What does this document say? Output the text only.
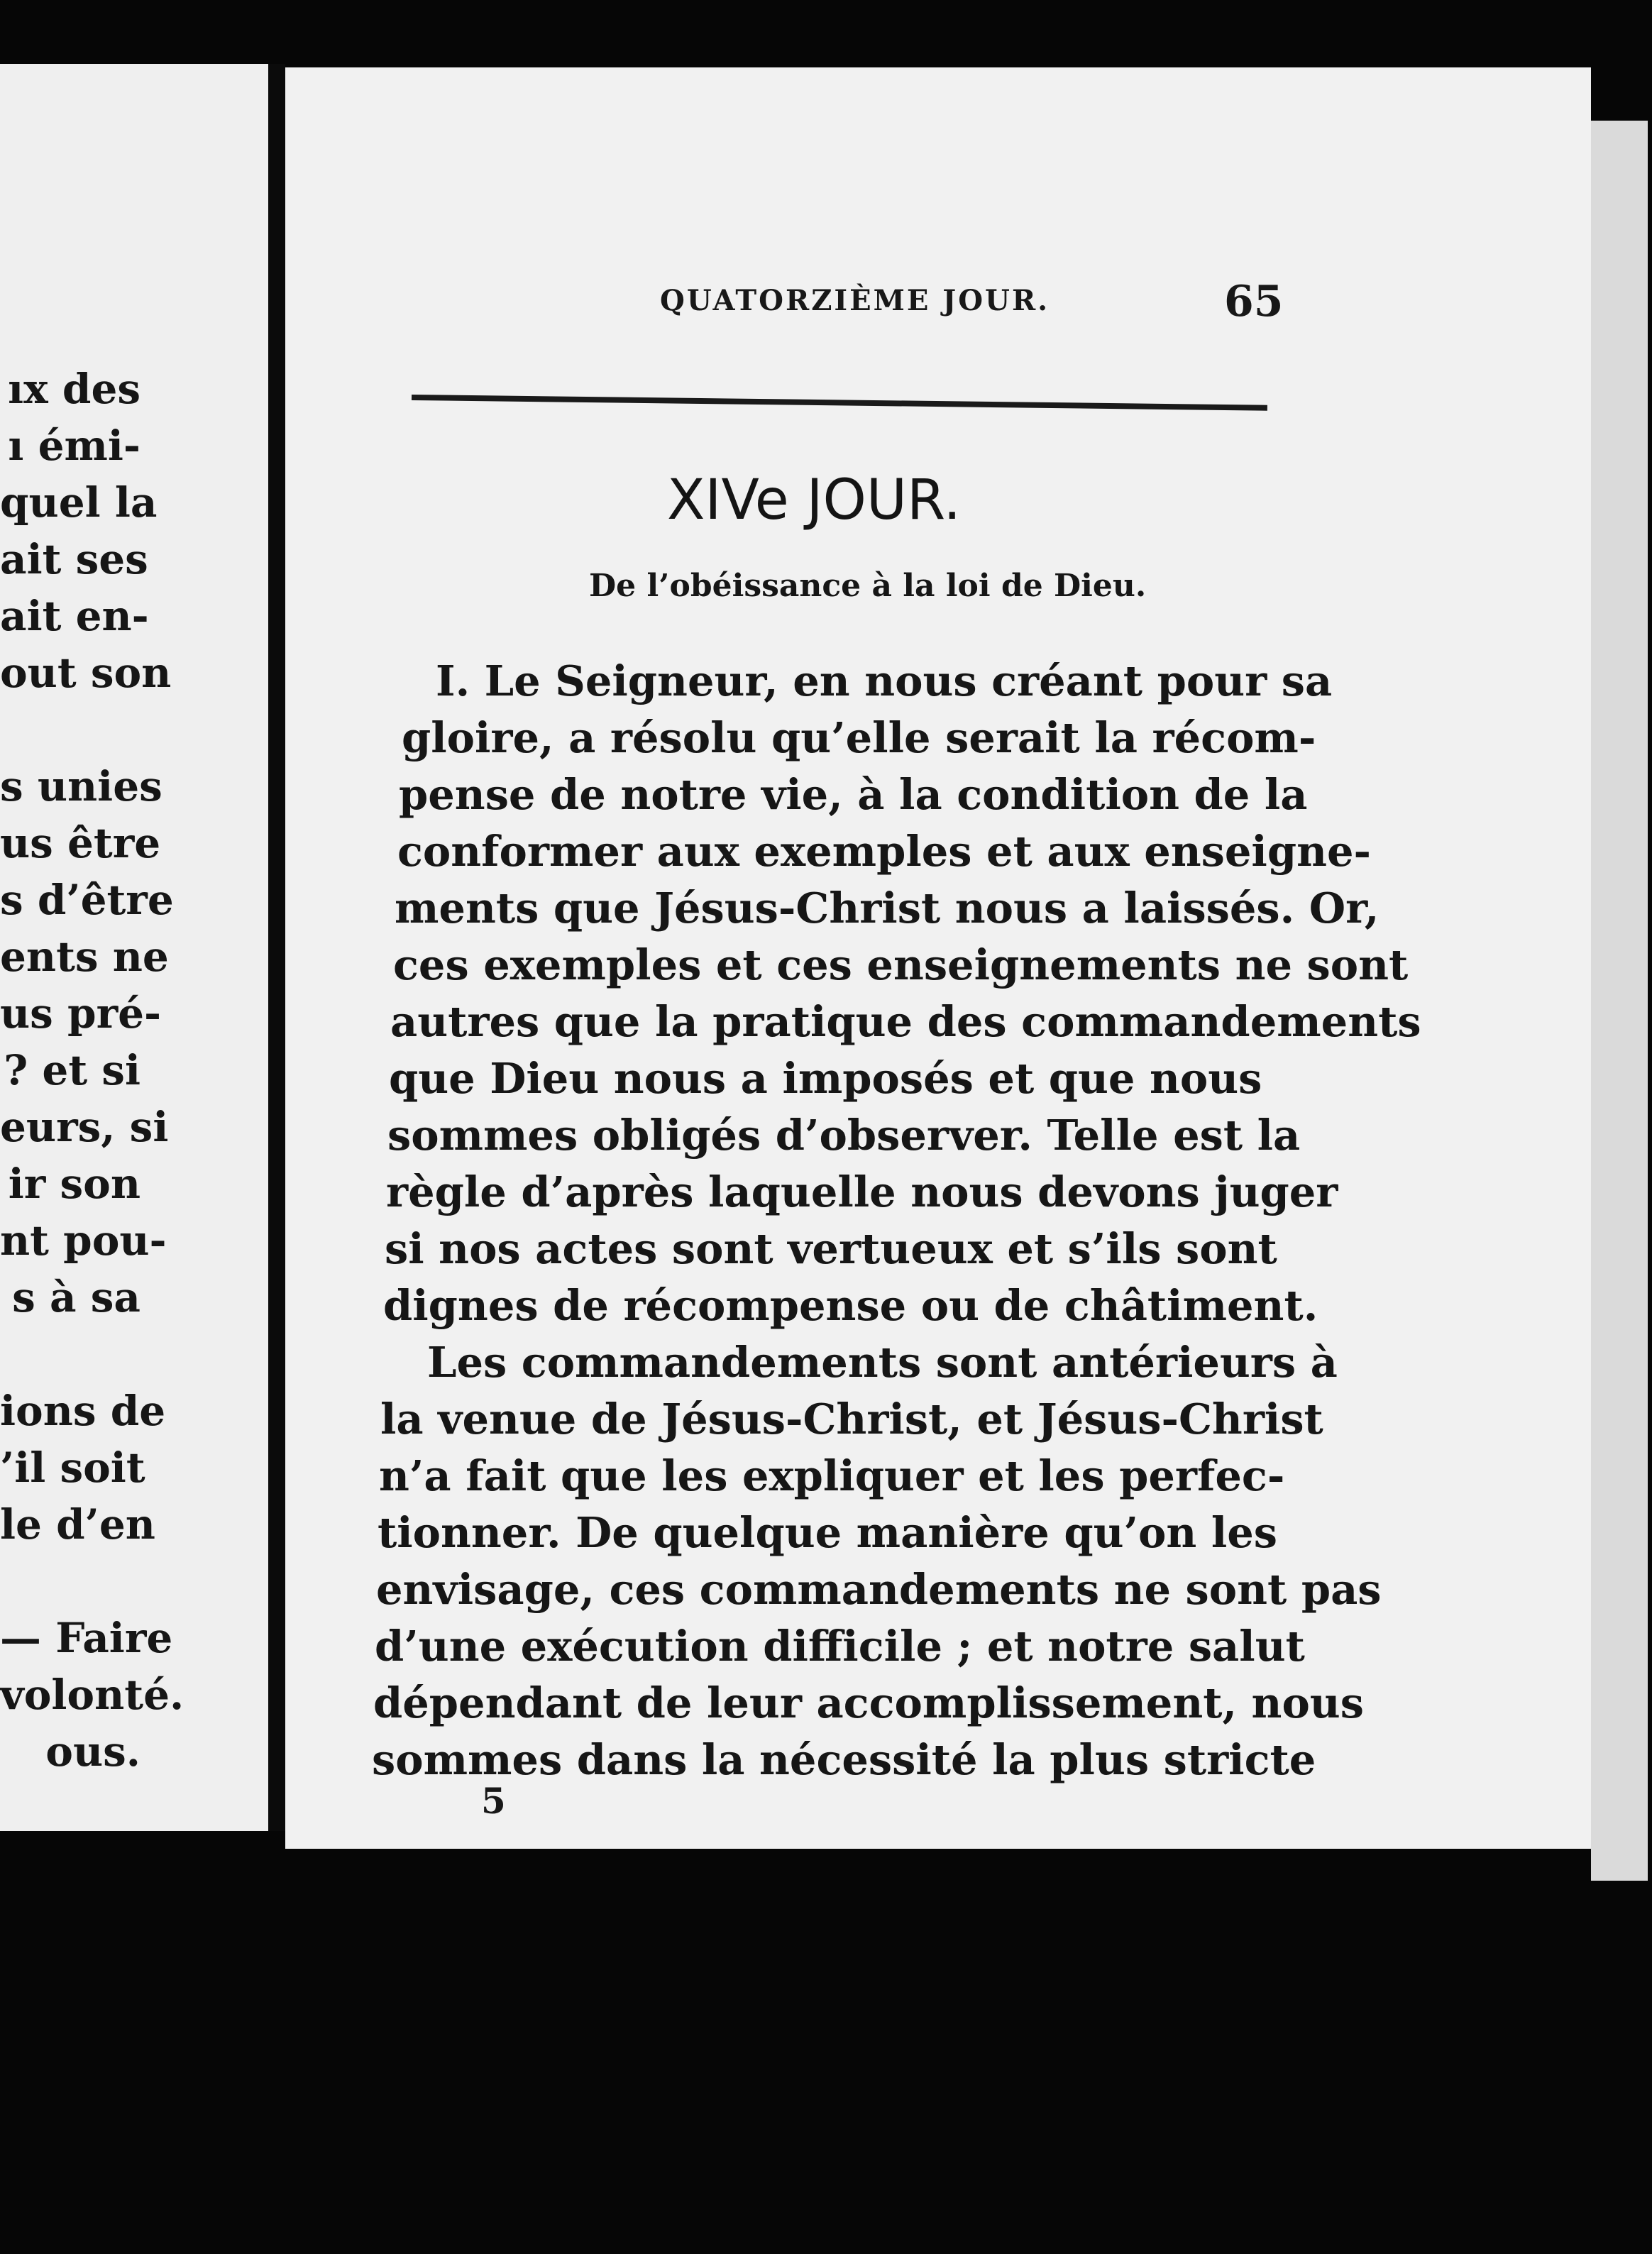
ıx des
ı émi-
quel la
ait ses
ait en-
out son
s unies
us être
s d’être
ents ne
us pré-
? et si
eurs, si
ir son
nt pou-
s à sa
ions de
’il soit
le d’en
— Faire
volonté.
ous.
QUATORZIÈME JOUR.	65
XIVe JOUR.
De l’obéissance à la loi de Dieu.
I. Le Seigneur, en nous créant pour sa
gloire, a résolu qu’elle serait la récom-
pense de notre vie, à la condition de la
conformer aux exemples et aux enseigne-
ments que Jésus-Christ nous a laissés. Or,
ces exemples et ces enseignements ne sont
autres que la pratique des commandements
que Dieu nous a imposés et que nous
sommes obligés d’observer. Telle est la
règle d’après laquelle nous devons juger
si nos actes sont vertueux et s’ils sont
dignes de récompense ou de châtiment.
Les commandements sont antérieurs à
la venue de Jésus-Christ, et Jésus-Christ
n’a fait que les expliquer et les perfec-
tionner. De quelque manière qu’on les
envisage, ces commandements ne sont pas
d’une exécution difficile ; et notre salut
dépendant de leur accomplissement, nous
sommes dans la nécessité la plus stricte
5
